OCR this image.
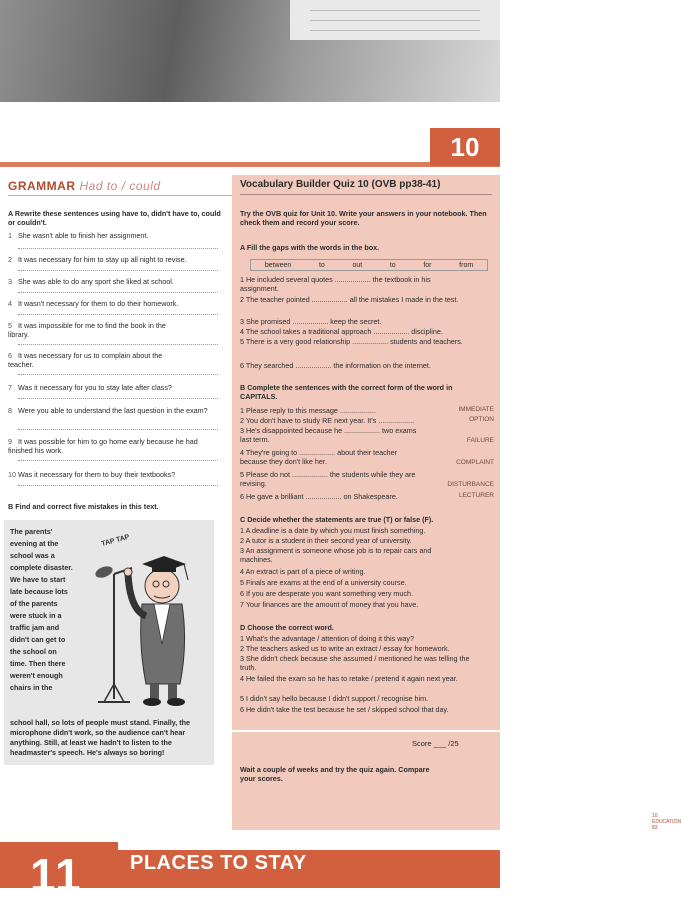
10
GRAMMAR Had to / could
A Rewrite these sentences using have to, didn't have to, could or couldn't.
1 She wasn't able to finish her assignment.
2 It was necessary for him to stay up all night to revise.
3 She was able to do any sport she liked at school.
4 It wasn't necessary for them to do their homework.
5 It was impossible for me to find the book in the library.
6 It was necessary for us to complain about the teacher.
7 Was it necessary for you to stay late after class?
8 Were you able to understand the last question in the exam?
9 It was possible for him to go home early because he had finished his work.
10 Was it necessary for them to buy their textbooks?
B Find and correct five mistakes in this text.
The parents' evening at the school was a complete disaster. We have to start late because lots of the parents were stuck in a traffic jam and didn't can get to the school on time. Then there weren't enough chairs in the
TAP TAP
school hall, so lots of people must stand. Finally, the microphone didn't work, so the audience can't hear anything. Still, at least we hadn't to listen to the headmaster's speech. He's always so boring!
Vocabulary Builder Quiz 10 (OVB pp38-41)
Try the OVB quiz for Unit 10. Write your answers in your notebook. Then check them and record your score.
A Fill the gaps with the words in the box.
between	to	out	to	for	from
1 He included several quotes .................. the textbook in his assignment.
2 The teacher pointed .................. all the mistakes I made in the test.
3 She promised .................. keep the secret.
4 The school takes a traditional approach .................. discipline.
5 There is a very good relationship .................. students and teachers.
6 They searched .................. the information on the internet.
B Complete the sentences with the correct form of the word in CAPITALS.
1 Please reply to this message ..................	IMMEDIATE
2 You don't have to study RE next year. It's ..................	OPTION
3 He's disappointed because he .................. two exams last term.	FAILURE
4 They're going to .................. about their teacher because they don't like her.	COMPLAINT
5 Please do not .................. the students while they are revising.	DISTURBANCE
6 He gave a brilliant .................. on Shakespeare.	LECTURER
C Decide whether the statements are true (T) or false (F).
1 A deadline is a date by which you must finish something.
2 A tutor is a student in their second year of university.
3 An assignment is someone whose job is to repair cars and machines.
4 An extract is part of a piece of writing.
5 Finals are exams at the end of a university course.
6 If you are desperate you want something very much.
7 Your finances are the amount of money that you have.
D Choose the correct word.
1 What's the advantage / attention of doing it this way?
2 The teachers asked us to write an extract / essay for homework.
3 She didn't check because she assumed / mentioned he was telling the truth.
4 He failed the exam so he has to retake / pretend it again next year.
5 I didn't say hello because I didn't support / recognise him.
6 He didn't take the test because he set / skipped school that day.
Score ___ /25
Wait a couple of weeks and try the quiz again. Compare your scores.
10 EDUCATION 83
11 PLACES TO STAY
